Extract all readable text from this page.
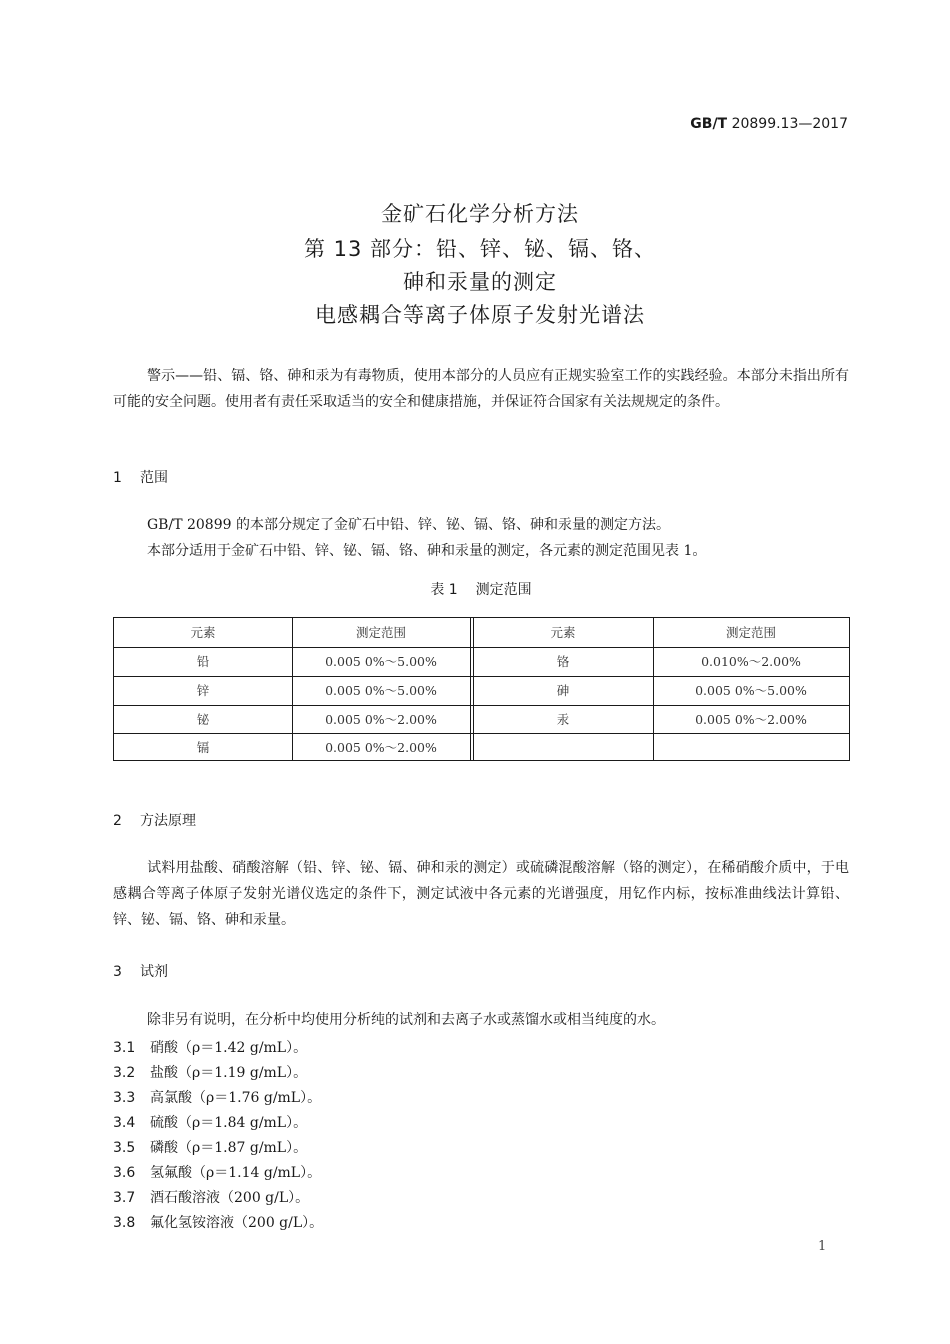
GB/T 20899.13—2017
金矿石化学分析方法
第 13 部分：铅、锌、铋、镉、铬、
砷和汞量的测定
电感耦合等离子体原子发射光谱法
警示——铅、镉、铬、砷和汞为有毒物质，使用本部分的人员应有正规实验室工作的实践经验。本部分未指出所有可能的安全问题。使用者有责任采取适当的安全和健康措施，并保证符合国家有关法规规定的条件。
1 范围
GB/T 20899 的本部分规定了金矿石中铅、锌、铋、镉、铬、砷和汞量的测定方法。
本部分适用于金矿石中铅、锌、铋、镉、铬、砷和汞量的测定，各元素的测定范围见表 1。
表 1 测定范围
元素	测定范围	元素	测定范围
铅	0.005 0%～5.00%	铬	0.010%～2.00%
锌	0.005 0%～5.00%	砷	0.005 0%～5.00%
铋	0.005 0%～2.00%	汞	0.005 0%～2.00%
镉	0.005 0%～2.00%
2 方法原理
试料用盐酸、硝酸溶解（铅、锌、铋、镉、砷和汞的测定）或硫磷混酸溶解（铬的测定），在稀硝酸介质中，于电感耦合等离子体原子发射光谱仪选定的条件下，测定试液中各元素的光谱强度，用钇作内标，按标准曲线法计算铅、锌、铋、镉、铬、砷和汞量。
3 试剂
除非另有说明，在分析中均使用分析纯的试剂和去离子水或蒸馏水或相当纯度的水。
3.1 硝酸（ρ＝1.42 g/mL）。
3.2 盐酸（ρ＝1.19 g/mL）。
3.3 高氯酸（ρ＝1.76 g/mL）。
3.4 硫酸（ρ＝1.84 g/mL）。
3.5 磷酸（ρ＝1.87 g/mL）。
3.6 氢氟酸（ρ＝1.14 g/mL）。
3.7 酒石酸溶液（200 g/L）。
3.8 氟化氢铵溶液（200 g/L）。
1
